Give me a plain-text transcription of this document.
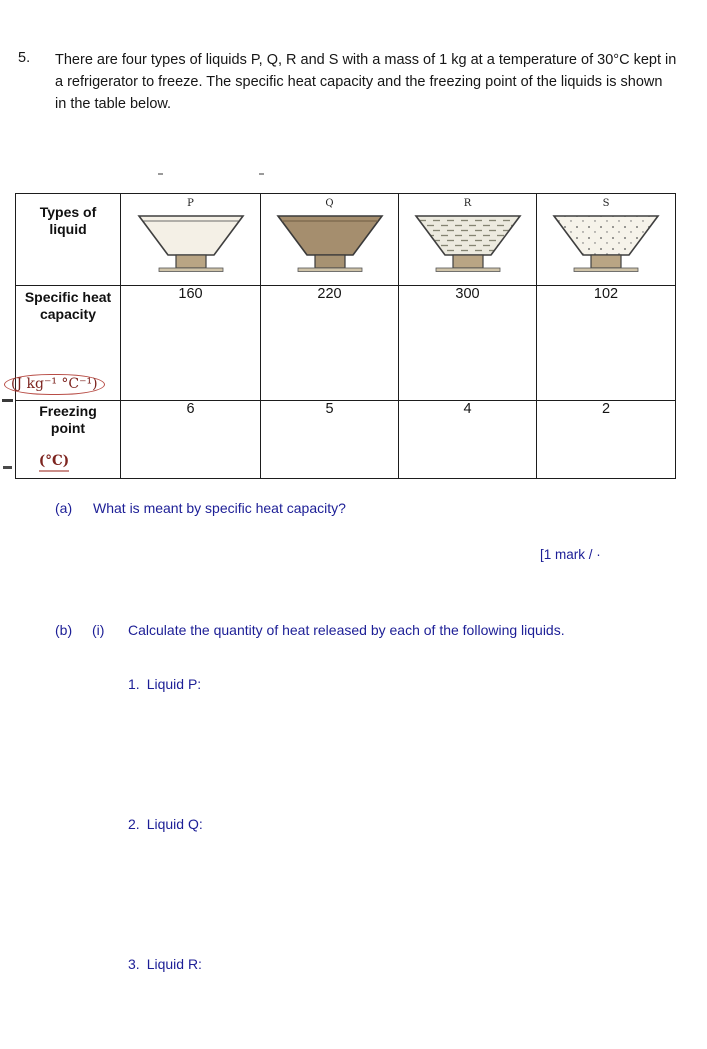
5.	There are four types of liquids P, Q, R and S with a mass of 1 kg at a temperature of 30°C kept in a refrigerator to freeze. The specific heat capacity and the freezing point of the liquids is shown in the table below.
Types of liquid	P	Q	R	S

Specific heat capacity
(J kg⁻¹ °C⁻¹)	160	220	300	102

Freezing point
(°C)	6	5	4	2
(a)	What is meant by specific heat capacity?
[1 mark / ·
(b)	(i)	Calculate the quantity of heat released by each of the following liquids.
1. Liquid P:
2. Liquid Q:
3. Liquid R:
